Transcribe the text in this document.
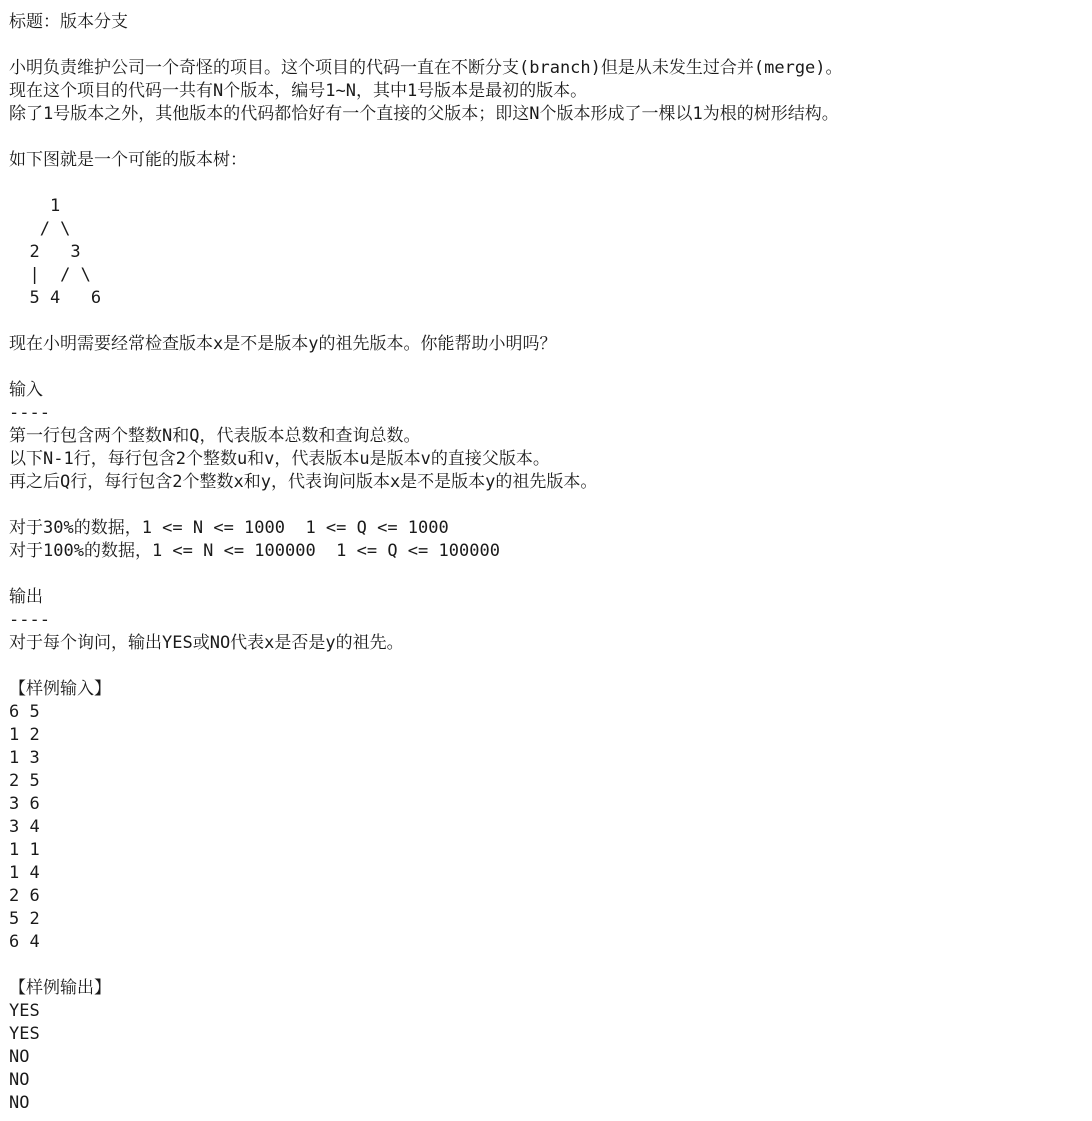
标题：版本分支
小明负责维护公司一个奇怪的项目。这个项目的代码一直在不断分支(branch)但是从未发生过合并(merge)。
现在这个项目的代码一共有N个版本，编号1~N，其中1号版本是最初的版本。
除了1号版本之外，其他版本的代码都恰好有一个直接的父版本；即这N个版本形成了一棵以1为根的树形结构。
如下图就是一个可能的版本树：
1
/ \
2   3
|  / \
5 4   6
现在小明需要经常检查版本x是不是版本y的祖先版本。你能帮助小明吗？
输入
----
第一行包含两个整数N和Q，代表版本总数和查询总数。
以下N-1行，每行包含2个整数u和v，代表版本u是版本v的直接父版本。
再之后Q行，每行包含2个整数x和y，代表询问版本x是不是版本y的祖先版本。
对于30%的数据，1 <= N <= 1000  1 <= Q <= 1000
对于100%的数据，1 <= N <= 100000  1 <= Q <= 100000
输出
----
对于每个询问，输出YES或NO代表x是否是y的祖先。
【样例输入】
6 5
1 2
1 3
2 5
3 6
3 4
1 1
1 4
2 6
5 2
6 4
【样例输出】
YES
YES
NO
NO
NO
